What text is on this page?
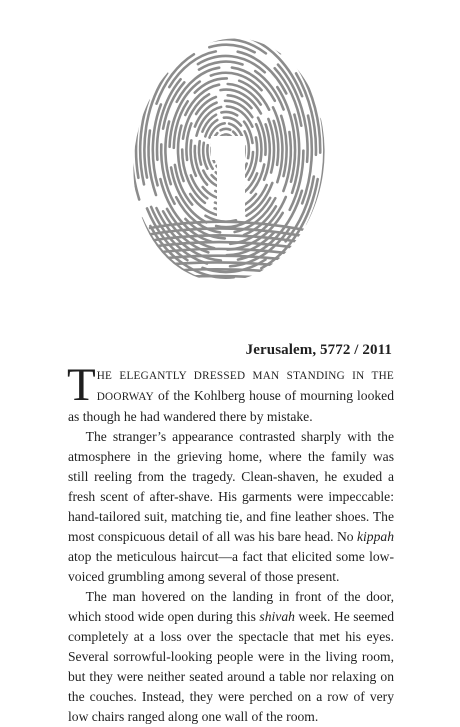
1
Jerusalem, 5772 / 2011

THE ELEGANTLY DRESSED MAN STANDING IN THE DOORWAY of the Kohlberg house of mourning looked as though he had wandered there by mistake.

The stranger’s appearance contrasted sharply with the atmosphere in the grieving home, where the family was still reeling from the tragedy. Clean-shaven, he exuded a fresh scent of after-shave. His garments were impeccable: hand-tailored suit, matching tie, and fine leather shoes. The most conspicuous detail of all was his bare head. No kippah atop the meticulous haircut—a fact that elicited some low-voiced grumbling among several of those present.

The man hovered on the landing in front of the door, which stood wide open during this shivah week. He seemed completely at a loss over the spectacle that met his eyes. Several sorrowful-looking people were in the living room, but they were neither seated around a table nor relaxing on the couches. Instead, they were perched on a row of very low chairs ranged along one wall of the room.
